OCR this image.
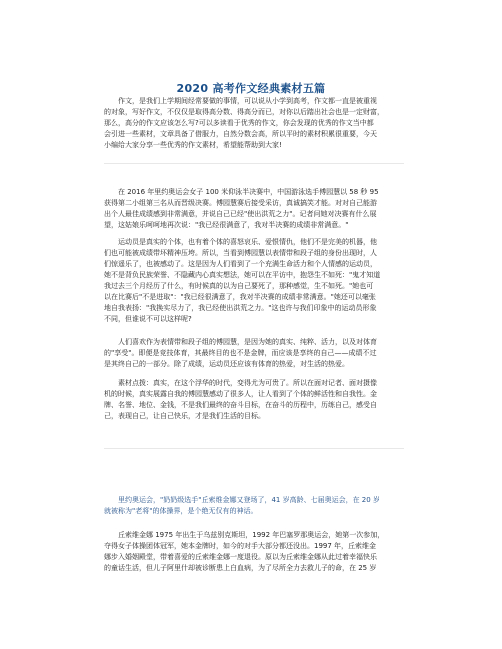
2020 高考作文经典素材五篇
作文，是我们上学期间经常要做的事情，可以说从小学到高考，作文都一直是被重视
的对象，写好作文，不仅仅是取得高分数、得高分而已，对你以后踏出社会也是一定财富，
那么，高分的作文应该怎么写?可以多读看于优秀的作文，你会发现的优秀的作文当中都
会引进一些素材，文章具备了借服力，自然分数会高，所以平时的素材积累很重要，今天
小编给大家分享一些优秀的作文素材，希望能帮助到大家!
在 2016 年里约奥运会女子 100 米仰泳半决赛中，中国游泳选手傅园慧以 58 秒 95
获得第二小组第三名从而晋级决赛。傅园慧赛后接受采访，真诚搞笑才能。对对自己能游
出个人最佳成绩感到非常满意，并说自己已经"使出洪荒之力"。记者问她对决赛有什么展
望，这姑娘乐呵呵地再次说："我已经很满意了，我对半决赛的成绩非常满意。"
运动员是真实的个体，也有着个体的喜怒哀乐、爱恨情仇，他们不是完美的机器，他
们也可能被成绩带坏精神压垮。所以，当看到傅园慧以表情带和段子组的身份出现时，人
们惊遥乐了，也被感动了。这是因为人们看到了一个充满生命活力和个人情感的运动员，
她不是背负民族荣誉、不隐藏内心真实想法，她可以在平访中，抱怨生不如死："鬼才知道
我过去三个月经历了什么，有时候真的以为自己要死了，那种感觉，生不如死。"她也可
以在比赛后"不是进取"："我已经很满意了，我对半决赛的成绩非常满意。"她还可以毫张
地自我表扬："我换实尽力了，我已经使出洪荒之力。"这也许与我们印象中的运动员形象
不同，但谁说不可以这样呢?
人们喜欢作为表情带和段子组的傅园慧，是因为她的真实、纯粹、活力，以及对体育
的"享受"。即便是竞技体育，其最终目的也不是金牌，而应该是享终的自己——成绩不过
是其终自己的一部分。除了成绩，运动员还应该有体育的热爱，对生活的热爱。
素材点拨：真实，在这个浮华的时代，变得尤为可贵了。所以在面对记者、面对摄像
机的时候，真实展露自我的傅园慧感动了很多人，让人看到了个体的鲜活性和自我性。金
牌、名誉、地位、金钱，不是我们最终的奋斗目标，在奋斗的历程中，历练自己，感受自
己，表现自己，让自己快乐，才是我们生活的目标。
里约奥运会，"奶奶级选手"丘索维金娜又登场了，41 岁高龄、七届奥运会，在 20 岁
就被称为"老将"的体操界，是个绝无仅有的神话。
丘索维金娜 1975 年出生于乌兹别克斯坦，1992 年巴塞罗那奥运会，她第一次参加，
夺得女子体操团体冠军，她本金牌时，如今的对手大部分都还没出。1997 年，丘索维金
娜步入婚姻殿堂，带着喜爱的丘索维金娜一度退役。原以为丘索维金娜从此过着幸福快乐
的童话生活，但儿子阿里什却被诊断患上白血病，为了尽所全力去救儿子的命，在 25 岁
